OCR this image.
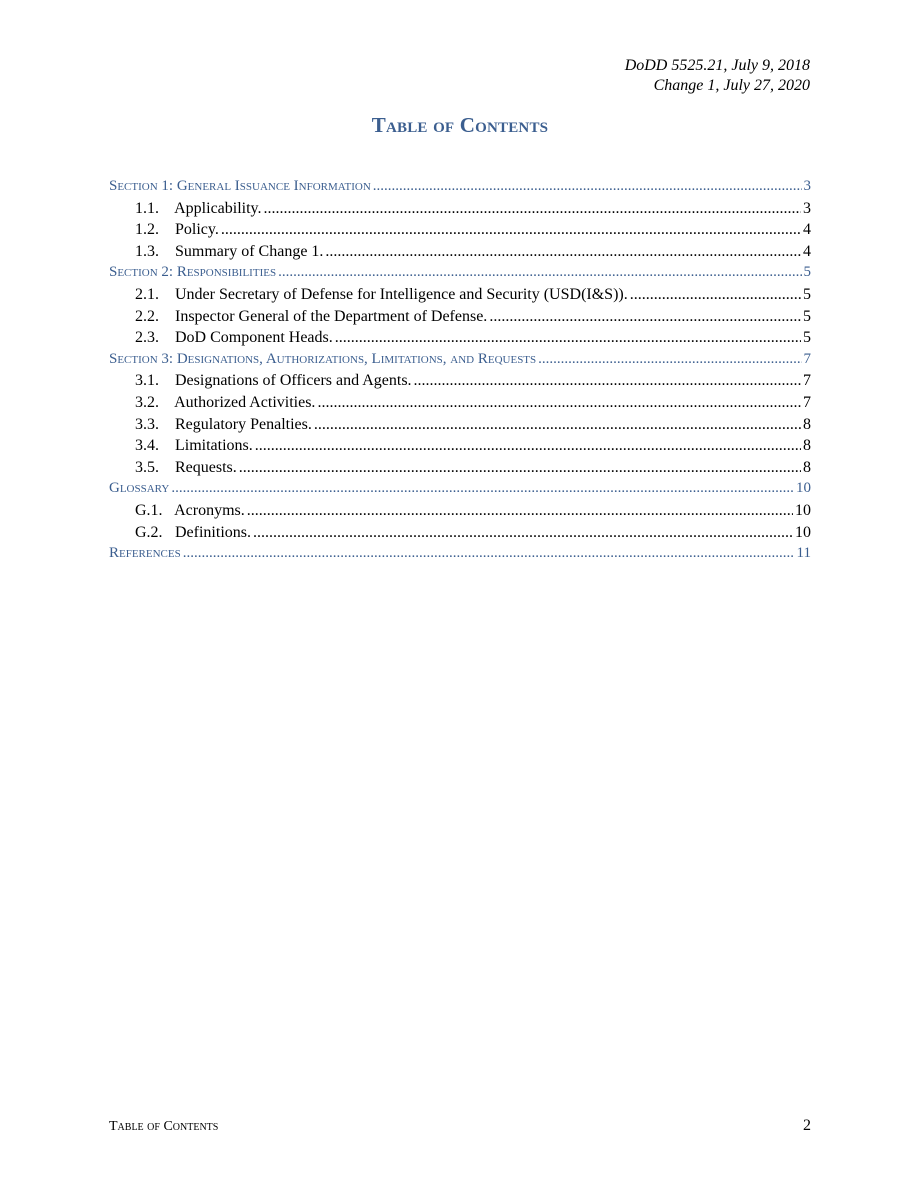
DoDD 5525.21, July 9, 2018
Change 1, July 27, 2020
Table of Contents
Section 1: General Issuance Information .....	3
1.1. Applicability. .....	3
1.2. Policy. .....	4
1.3. Summary of Change 1. .....	4
Section 2: Responsibilities .....	5
2.1. Under Secretary of Defense for Intelligence and Security (USD(I&S)). .....	5
2.2. Inspector General of the Department of Defense. .....	5
2.3. DoD Component Heads. .....	5
Section 3: Designations, Authorizations, Limitations, and Requests .....	7
3.1. Designations of Officers and Agents. .....	7
3.2. Authorized Activities. .....	7
3.3. Regulatory Penalties. .....	8
3.4. Limitations. .....	8
3.5. Requests. .....	8
Glossary .....	10
G.1. Acronyms. .....	10
G.2. Definitions. .....	10
References .....	11
Table of Contents	2
